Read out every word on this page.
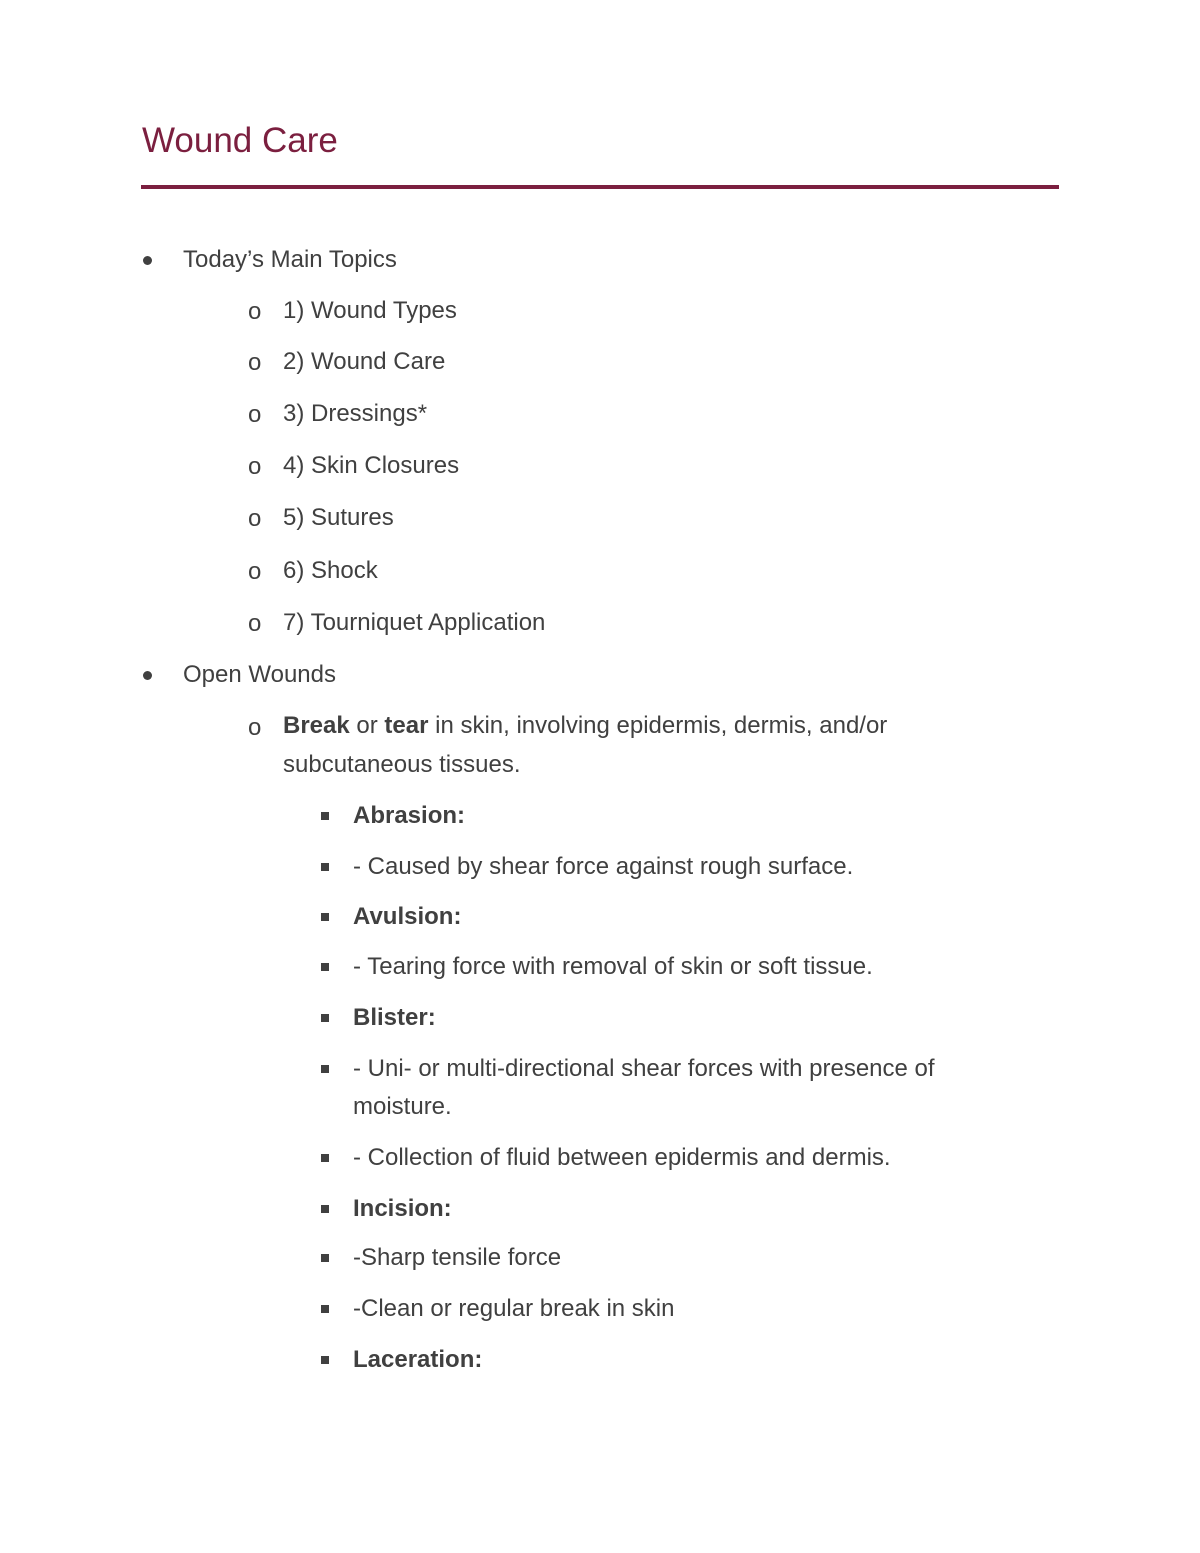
Wound Care
Today’s Main Topics
o 1) Wound Types
o 2) Wound Care
o 3) Dressings*
o 4) Skin Closures
o 5) Sutures
o 6) Shock
o 7) Tourniquet Application
Open Wounds
o Break or tear in skin, involving epidermis, dermis, and/or
subcutaneous tissues.
Abrasion:
- Caused by shear force against rough surface.
Avulsion:
- Tearing force with removal of skin or soft tissue.
Blister:
- Uni- or multi-directional shear forces with presence of
moisture.
- Collection of fluid between epidermis and dermis.
Incision:
-Sharp tensile force
-Clean or regular break in skin
Laceration:
